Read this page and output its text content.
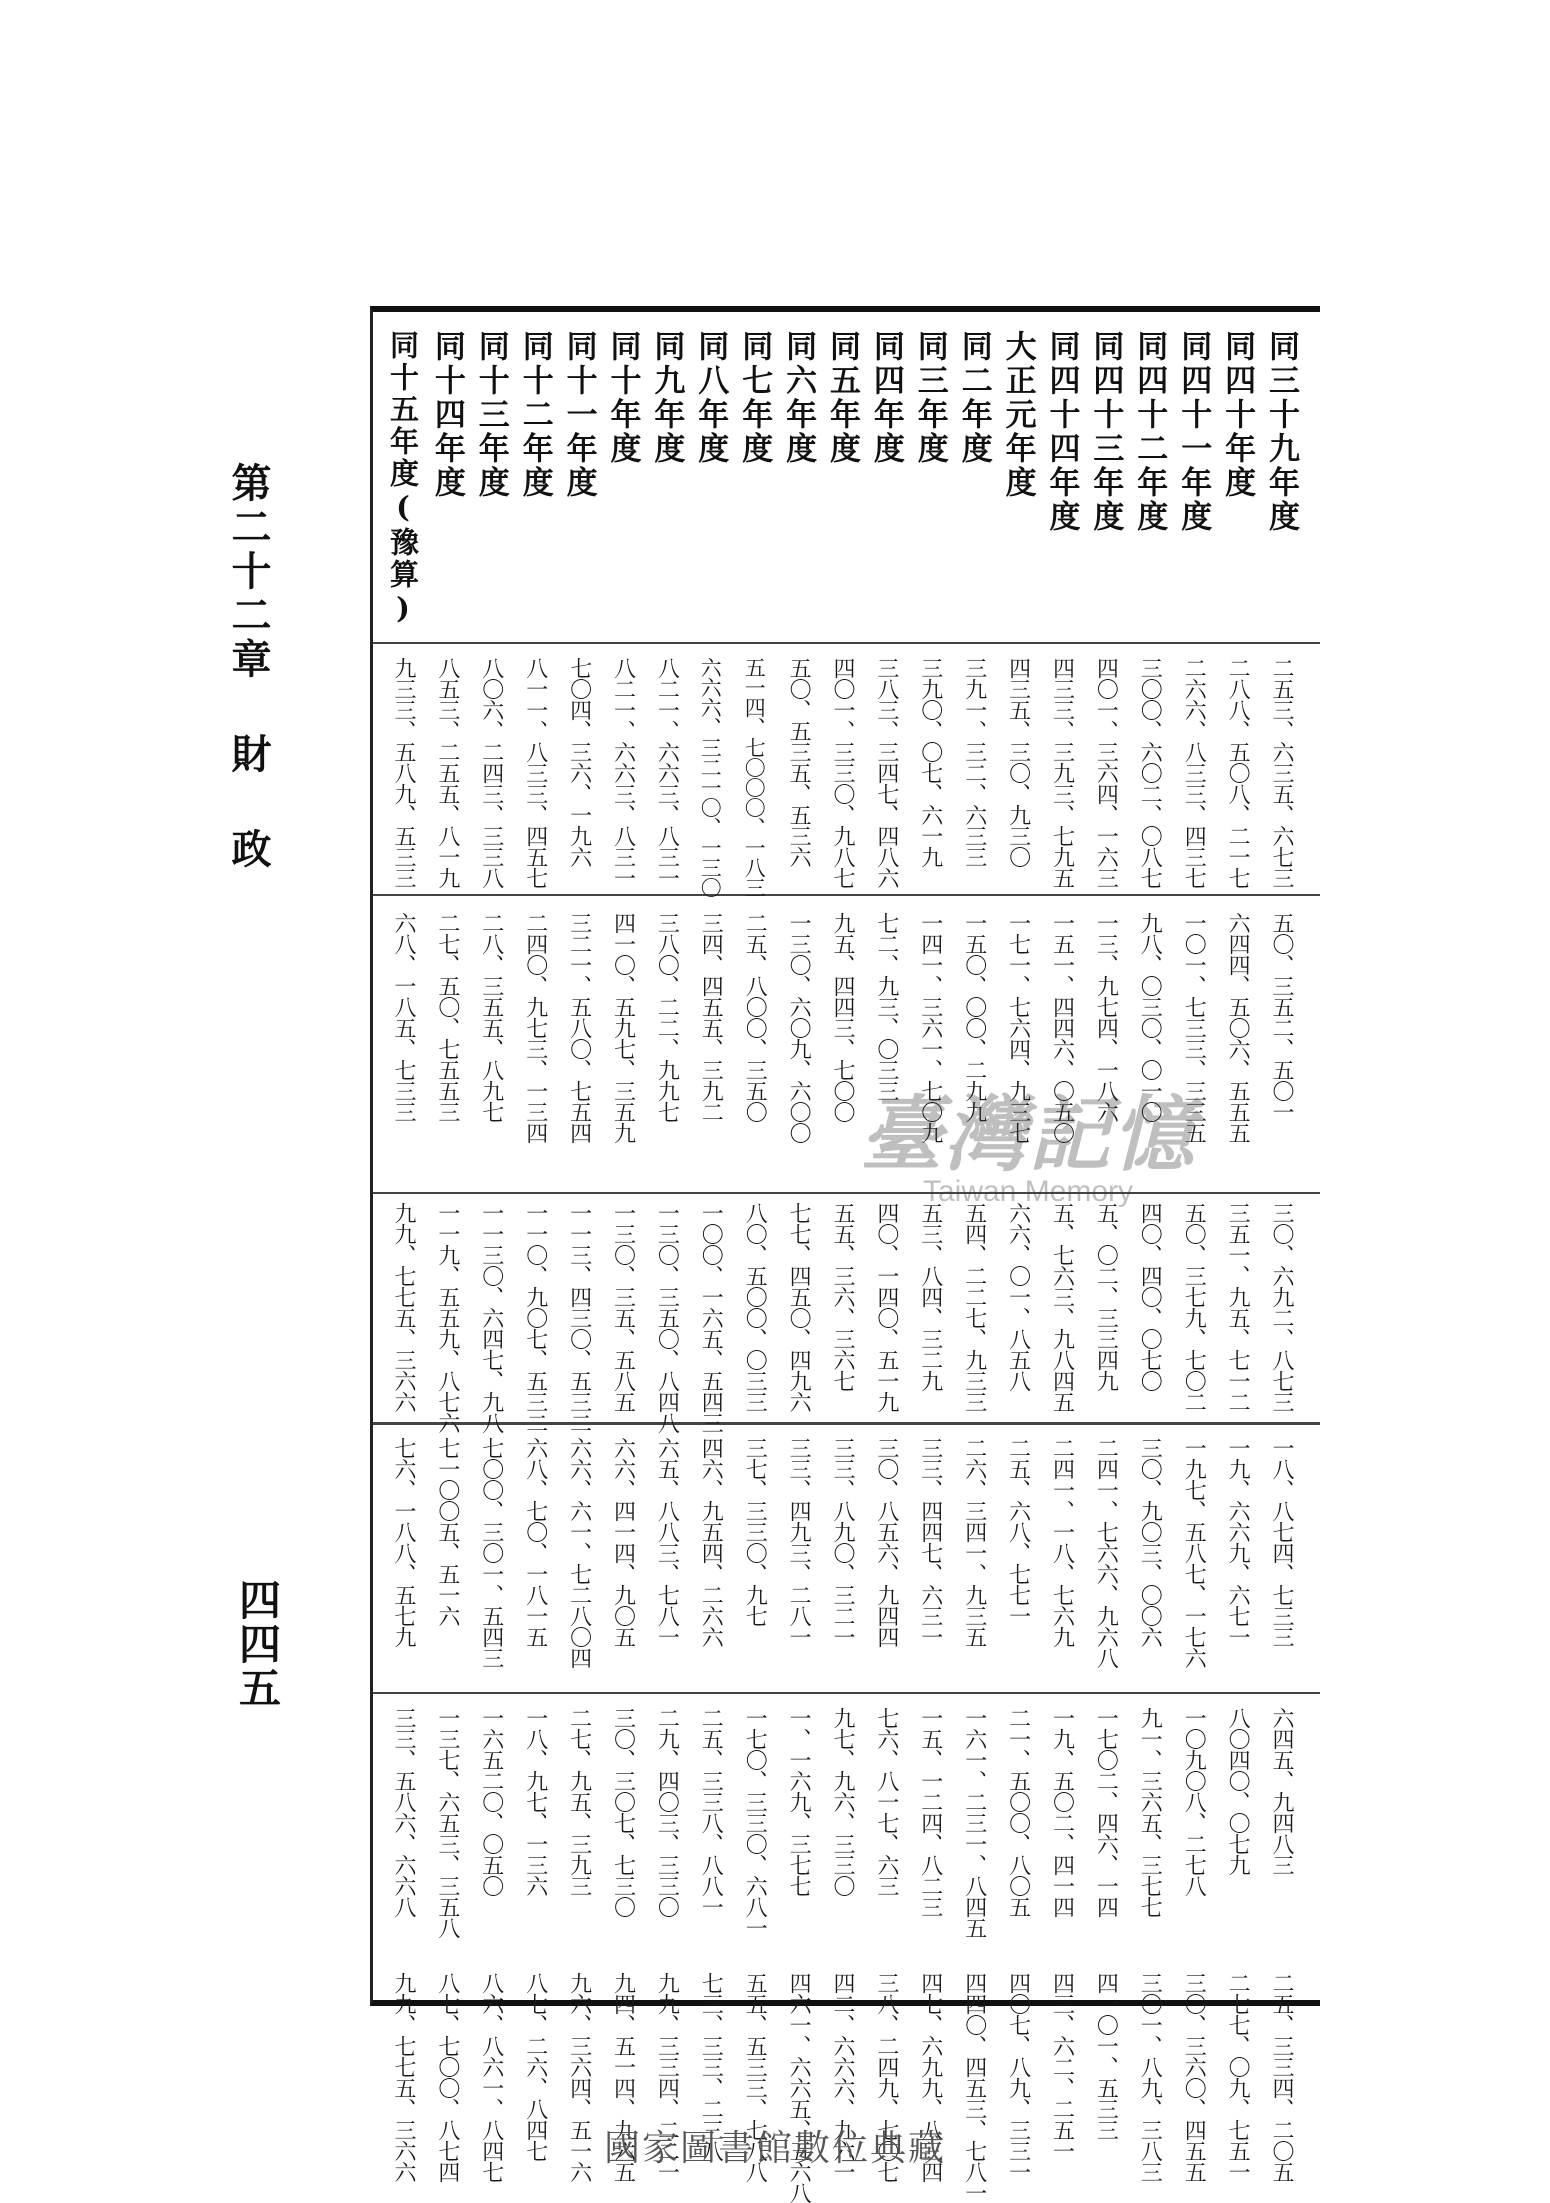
第二十二章 財 政
四四五
同三十九年度
二五三、六三五、六七三
五〇、三五二、五〇一
三〇、六九二、八七三
一八、八七四、七三三
六四五、九四八三
二五、三三四、二〇五
同四十年度
二八八、五〇八、二一七
六四四、五〇六、五五五
三五一、九五、七一二
一九、六六九、六七一
八〇四〇、〇七九
二七七、〇九、七五一
同四十一年度
二六六、八三三、四三七
一〇一、七三三、三三五
五〇、三七九、七〇二
一九七、五八七、一七六
一〇九〇八、二七八
三〇、三六〇、四五五
同四十二年度
三〇〇、六〇二、〇八七
九八、〇三〇、〇一〇
四〇、四〇、〇七〇
三〇、九〇三、〇〇六
九一、三六五、三七七
三〇一、八九、三八三
同四十三年度
四〇一、三六四、一六三
一三、九七四、一八六
五、〇二、三三四九
二四一、七六六、九六八
一七〇二、四六、一四
四一〇一、五三三
同四十四年度
四三三、三九三、七九五
一五一、四四六、〇五〇
五、七六三、九八四五
二四一、一八、七六九
一九、五〇二、四一四
四三、六二、二五一
大正元年度
四三五、三〇、九三〇
一七一、七六四、九三七
六六、〇一、八五八
二五、六八、七七一
二一、五〇〇、八〇五
四〇七、八九、三三一
同二年度
三九一、三二、六三三
一五〇、〇〇、二九九
五四、二二七、九三三
二六、三四一、九三五
一六一、二三一、八四五
四四〇、四五三、七八一
同三年度
三九〇、〇七、六一九
一四一、三六一、七〇九
五三、八四、三二九
三三、四四七、六三一
一五、一二四、八二三
四七、六九九、八三四
同四年度
三八三、三四七、四八六
七二、九三、〇三三
四〇、一四〇、五一九
三〇、八五六、九四四
七六、八一七、六三
三八、二四九、七〇七
同五年度
四〇一、三三〇、九八七
九五、四四三、七〇〇
五五、三六、三六七
三三、八九〇、三二一
九七、九六、三三〇
四二、六六六、九六一
同六年度
五〇、五三五、五三六
一三〇、六〇九、六〇〇
七七、四五〇、四九六
三三、四九三、二八一
一、一六九、三七七
四六一、六六五、五六八
同七年度
五一四、七〇〇〇、一八三
二五、八〇〇、三五〇
八〇、五〇〇、〇三三
三七、三三〇、九七
一七〇、三三〇、六八一
五五、五三三、七八八
同八年度
六六六、三二一〇、一三〇
三四、四五五、三九二
一〇〇、一六五、五四三
四六、九五四、二六六
二五、三三八、八八一
七三、三三、二三八
同九年度
八二一、六六三、八三一
三八〇、二二、九九七
一三〇、三五〇、八四八
六五、八八三、七八一
二九、四〇三、三三〇
九九、三三四、二二一
同十年度
八二一、六六三、八三一
四一〇、五九七、三五九
一三〇、三五、五八五
六六、四一四、九〇五
三〇、三〇七、七三〇
九四、五一四、九六五
同十一年度
七〇四、三六、一九六
三二一、五八〇、七五四
一一三、四三〇、五三二
六六、六一、七二八〇四
二七、九五、三九三
九六、三六四、五一六
同十二年度
八一一、八三三、四五七
二四〇、九七三、一三四
一一〇、九〇七、五三二
六八、七〇、一八一五
一八、九七、一三六
八七、二六、八四七
同十三年度
八〇六、二四三、三三八
二八、三五五、八九七
一一三〇、六四七、九八
七〇〇、三〇一、五四三
一六五二〇、〇五〇
八六、八六一、八四七
同十四年度
八五三、二五五、八一九
二七、五〇、七五五三
一一九、五五九、八七六
七一〇〇五、五一六
一三七、六五三、三五八
八七、七〇〇、八七四
同十五年度(豫算)
九三三、五八九、五三三
六八、一八五、七三三
九九、七七五、三六六
七六、一八八、五七九
三三、五八六、六六八
九九、七七五、三六六
臺灣記憶
Taiwan Memory
國家圖書館數位典藏
